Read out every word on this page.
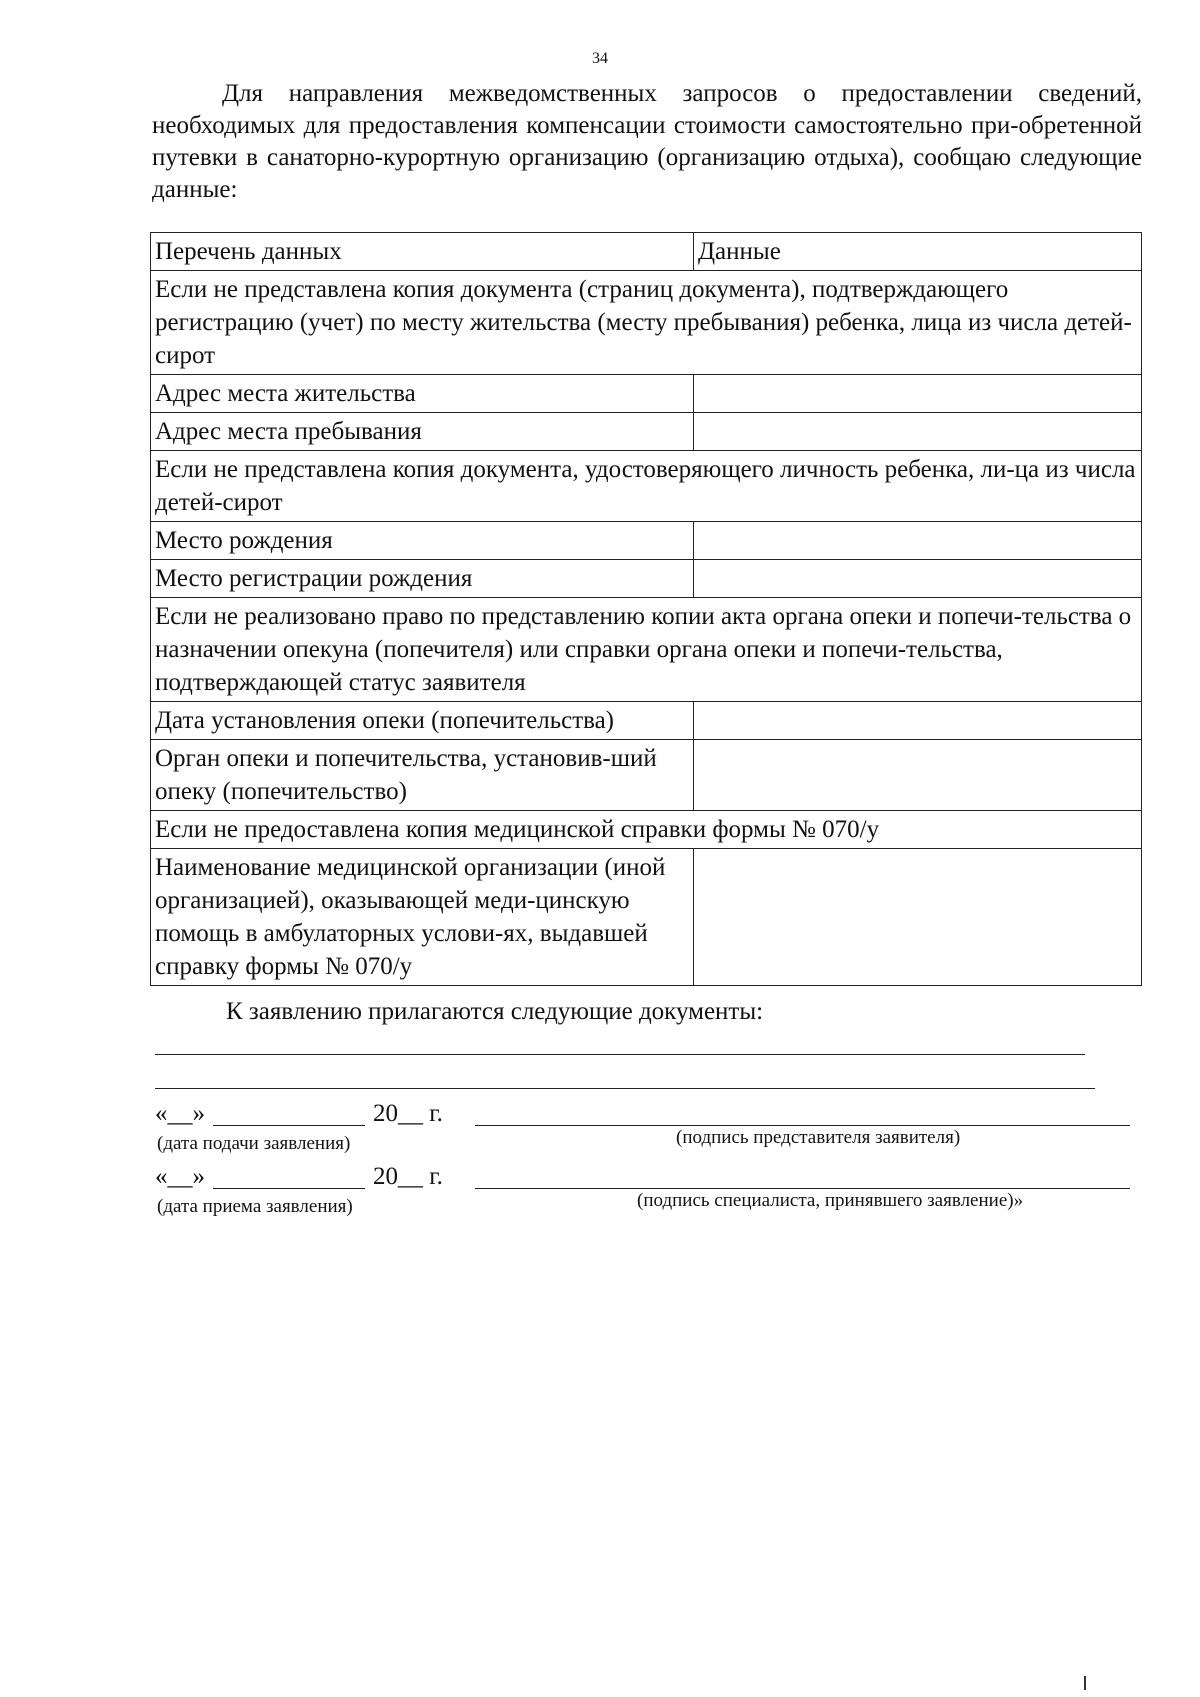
34

Для направления межведомственных запросов о предоставлении сведений, необходимых для предоставления компенсации стоимости самостоятельно при-обретенной путевки в санаторно-курортную организацию (организацию отдыха), сообщаю следующие данные:

Перечень данных	Данные
Если не представлена копия документа (страниц документа), подтверждающего регистрацию (учет) по месту жительства (месту пребывания) ребенка, лица из числа детей-сирот	
Адрес места жительства	
Адрес места пребывания	
Если не представлена копия документа, удостоверяющего личность ребенка, ли-ца из числа детей-сирот	
Место рождения	
Место регистрации рождения	
Если не реализовано право по представлению копии акта органа опеки и попечи-тельства о назначении опекуна (попечителя) или справки органа опеки и попечи-тельства, подтверждающей статус заявителя	
Дата установления опеки (попечительства)	
Орган опеки и попечительства, установив-ший опеку (попечительство)	
Если не предоставлена копия медицинской справки формы № 070/у	
Наименование медицинской организации (иной организацией), оказывающей меди-цинскую помощь в амбулаторных услови-ях, выдавшей справку формы № 070/у	
К заявлению прилагаются следующие документы:
«__»	20__ г.
(дата подачи заявления)	(подпись представителя заявителя)
«__»	20__ г.
(дата приема заявления)	(подпись специалиста, принявшего заявление)»
